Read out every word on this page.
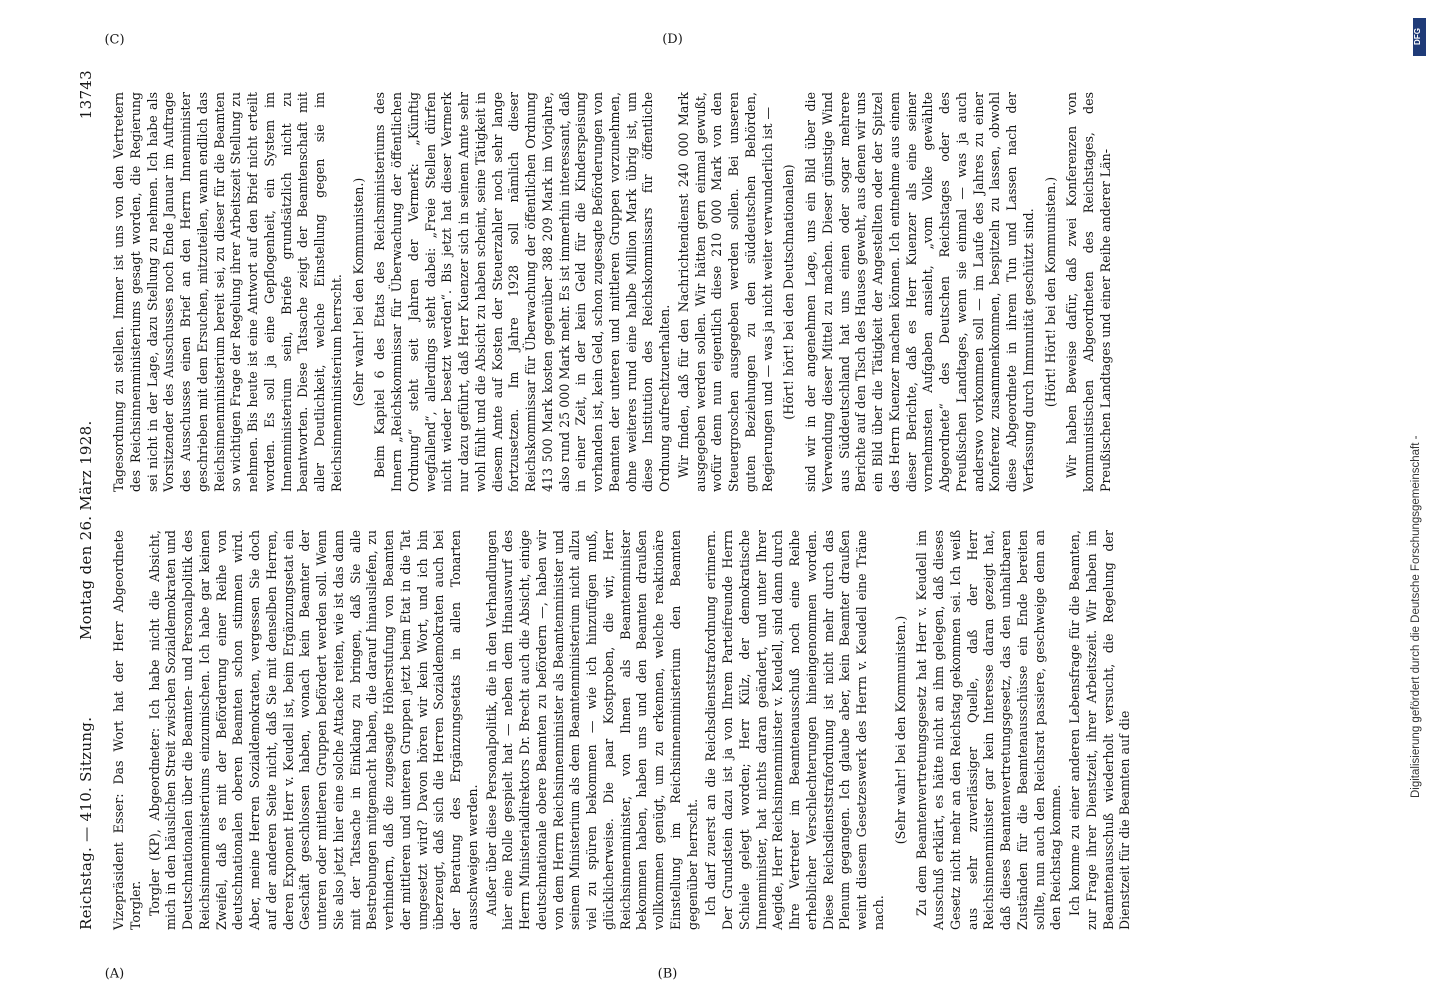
Reichstag. — 410. Sitzung.
Montag den 26. März 1928.
13743
(A)	(B)
(C)	(D)

Vizepräsident Esser: Das Wort hat der Herr Abgeordnete Torgler. Torgler (KP), Abgeordneter: Ich habe nicht die Absicht, mich in den häuslichen Streit zwischen Sozialdemokraten und Deutschnationalen über die Beamten- und Personalpolitik des Reichsinnenministeriums einzumischen. Ich habe gar keinen Zweifel, daß es mit der Beförderung einer Reihe von deutschnationalen oberen Beamten schon stimmen wird. Aber, meine Herren Sozialdemokraten, vergessen Sie doch auf der anderen Seite nicht, daß Sie mit denselben Herren, deren Exponent Herr v. Keudell ist, beim Ergänzungsetat ein Geschäft geschlossen haben, wonach kein Beamter der unteren oder mittleren Gruppen befördert werden soll. Wenn Sie also jetzt hier eine solche Attacke reiten, wie ist das dann mit der Tatsache in Einklang zu bringen, daß Sie alle Bestrebungen mitgemacht haben, die darauf hinausliefen, zu verhindern, daß die zugesagte Höherstufung von Beamten der mittleren und unteren Gruppen jetzt beim Etat in die Tat umgesetzt wird? Davon hören wir kein Wort, und ich bin überzeugt, daß sich die Herren Sozialdemokraten auch bei der Beratung des Ergänzungsetats in allen Tonarten ausschweigen werden. Außer über diese Personalpolitik, die in den Verhandlungen hier eine Rolle gespielt hat — neben dem Hinauswurf des Herrn Ministerialdirektors Dr. Brecht auch die Absicht, einige deutschnationale obere Beamten zu befördern —, haben wir von dem Herrn Reichsinnenminister als Beamtenminister und seinem Ministerium als dem Beamtenministerium nicht allzu viel zu spüren bekommen — wie ich hinzufügen muß, glücklicherweise. Die paar Kostproben, die wir, Herr Reichsinnenminister, von Ihnen als Beamtenminister bekommen haben, haben uns und den Beamten draußen vollkommen genügt, um zu erkennen, welche reaktionäre Einstellung im Reichsinnenministerium den Beamten gegenüber herrscht. Ich darf zuerst an die Reichsdienststrafordnung erinnern. Der Grundstein dazu ist ja von Ihrem Parteifreunde Herrn Schiele gelegt worden; Herr Külz, der demokratische Innenminister, hat nichts daran geändert, und unter Ihrer Aegide, Herr Reichsinnenminister v. Keudell, sind dann durch Ihre Vertreter im Beamtenausschuß noch eine Reihe erheblicher Verschlechterungen hineingenommen worden. Diese Reichsdienststrafordnung ist nicht mehr durch das Plenum gegangen. Ich glaube aber, kein Beamter draußen weint diesem Gesetzeswerk des Herrn v. Keudell eine Träne nach.

(Sehr wahr! bei den Kommunisten.) Zu dem Beamtenvertretungsgesetz hat Herr v. Keudell im Ausschuß erklärt, es hätte nicht an ihm gelegen, daß dieses Gesetz nicht mehr an den Reichstag gekommen sei. Ich weiß aus sehr zuverlässiger Quelle, daß der Herr Reichsinnenminister gar kein Interesse daran gezeigt hat, daß dieses Beamtenvertretungsgesetz, das den unhaltbaren Zuständen für die Beamtenausschüsse ein Ende bereiten sollte, nun auch den Reichsrat passiere, geschweige denn an den Reichstag komme. Ich komme zu einer anderen Lebensfrage für die Beamten, zur Frage ihrer Dienstzeit, ihrer Arbeitszeit. Wir haben im Beamtenausschuß wiederholt versucht, die Regelung der Dienstzeit für die Beamten auf die

Tagesordnung zu stellen. Immer ist uns von den Vertretern des Reichsinnenministeriums gesagt worden, die Regierung sei nicht in der Lage, dazu Stellung zu nehmen. Ich habe als Vorsitzender des Ausschusses noch Ende Januar im Auftrage des Ausschusses einen Brief an den Herrn Innenminister geschrieben mit dem Ersuchen, mitzuteilen, wann endlich das Reichsinnenministerium bereit sei, zu dieser für die Beamten so wichtigen Frage der Regelung ihrer Arbeitszeit Stellung zu nehmen. Bis heute ist eine Antwort auf den Brief nicht erteilt worden. Es soll ja eine Gepflogenheit, ein System im Innenministerium sein, Briefe grundsätzlich nicht zu beantworten. Diese Tatsache zeigt der Beamtenschaft mit aller Deutlichkeit, welche Einstellung gegen sie im Reichsinnenministerium herrscht. (Sehr wahr! bei den Kommunisten.) Beim Kapitel 6 des Etats des Reichsministeriums des Innern „Reichskommissar für Überwachung der öffentlichen Ordnung“ steht seit Jahren der Vermerk: „Künftig wegfallend“, allerdings steht dabei: „Freie Stellen dürfen nicht wieder besetzt werden“. Bis jetzt hat dieser Vermerk nur dazu geführt, daß Herr Kuenzer sich in seinem Amte sehr wohl fühlt und die Absicht zu haben scheint, seine Tätigkeit in diesem Amte auf Kosten der Steuerzahler noch sehr lange fortzusetzen. Im Jahre 1928 soll nämlich dieser Reichskommissar für Überwachung der öffentlichen Ordnung 413 500 Mark kosten gegenüber 388 209 Mark im Vorjahre, also rund 25 000 Mark mehr. Es ist immerhin interessant, daß in einer Zeit, in der kein Geld für die Kinderspeisung vorhanden ist, kein Geld, schon zugesagte Beförderungen von Beamten der unteren und mittleren Gruppen vorzunehmen, ohne weiteres rund eine halbe Million Mark übrig ist, um diese Institution des Reichskommissars für öffentliche Ordnung aufrechtzuerhalten. Wir finden, daß für den Nachrichtendienst 240 000 Mark ausgegeben werden sollen. Wir hätten gern einmal gewußt, wofür denn nun eigentlich diese 210 000 Mark von den Steuergroschen ausgegeben werden sollen. Bei unseren guten Beziehungen zu den süddeutschen Behörden, Regierungen und — was ja nicht weiter verwunderlich ist — (Hört! hört! bei den Deutschnationalen) sind wir in der angenehmen Lage, uns ein Bild über die Verwendung dieser Mittel zu machen. Dieser günstige Wind aus Süddeutschland hat uns einen oder sogar mehrere Berichte auf den Tisch des Hauses geweht, aus denen wir uns ein Bild über die Tätigkeit der Angestellten oder der Spitzel des Herrn Kuenzer machen können. Ich entnehme aus einem dieser Berichte, daß es Herr Kuenzer als eine seiner vornehmsten Aufgaben ansieht, „vom Volke gewählte Abgeordnete“ des Deutschen Reichstages oder des Preußischen Landtages, wenn sie einmal — was ja auch anderswo vorkommen soll — im Laufe des Jahres zu einer Konferenz zusammenkommen, bespitzeln zu lassen, obwohl diese Abgeordnete in ihrem Tun und Lassen nach der Verfassung durch Immunität geschützt sind. (Hört! Hört! bei den Kommunisten.) Wir haben Beweise dafür, daß zwei Konferenzen von kommunistischen Abgeordneten des Reichstages, des Preußischen Landtages und einer Reihe anderer Län-

DFG
Digitalisierung gefördert durch die Deutsche Forschungsgemeinschaft -
